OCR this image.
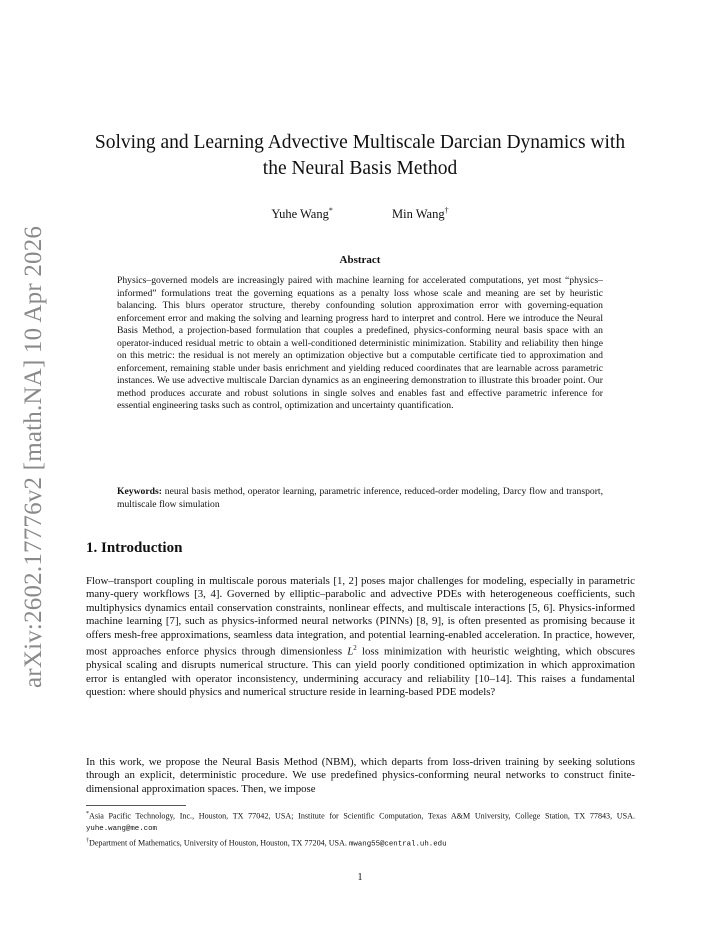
arXiv:2602.17776v2 [math.NA] 10 Apr 2026
Solving and Learning Advective Multiscale Darcian Dynamics with
the Neural Basis Method
Yuhe Wang*	Min Wang†
Abstract

Physics–governed models are increasingly paired with machine learning for accelerated computations, yet most “physics–informed” formulations treat the governing equations as a penalty loss whose scale and meaning are set by heuristic balancing. This blurs operator structure, thereby confounding solution approximation error with governing-equation enforcement error and making the solving and learning progress hard to interpret and control. Here we introduce the Neural Basis Method, a projection-based formulation that couples a predefined, physics-conforming neural basis space with an operator-induced residual metric to obtain a well-conditioned deterministic minimization. Stability and reliability then hinge on this metric: the residual is not merely an optimization objective but a computable certificate tied to approximation and enforcement, remaining stable under basis enrichment and yielding reduced coordinates that are learnable across parametric instances. We use advective multiscale Darcian dynamics as an engineering demonstration to illustrate this broader point. Our method produces accurate and robust solutions in single solves and enables fast and effective parametric inference for essential engineering tasks such as control, optimization and uncertainty quantification.

Keywords: neural basis method, operator learning, parametric inference, reduced-order modeling, Darcy flow and transport, multiscale flow simulation

1. Introduction

Flow–transport coupling in multiscale porous materials [1, 2] poses major challenges for modeling, especially in parametric many-query workflows [3, 4]. Governed by elliptic–parabolic and advective PDEs with heterogeneous coefficients, such multiphysics dynamics entail conservation constraints, nonlinear effects, and multiscale interactions [5, 6]. Physics-informed machine learning [7], such as physics-informed neural networks (PINNs) [8, 9], is often presented as promising because it offers mesh-free approximations, seamless data integration, and potential learning-enabled acceleration. In practice, however, most approaches enforce physics through dimensionless $L^2$ loss minimization with heuristic weighting, which obscures physical scaling and disrupts numerical structure. This can yield poorly conditioned optimization in which approximation error is entangled with operator inconsistency, undermining accuracy and reliability [10–14]. This raises a fundamental question: where should physics and numerical structure reside in learning-based PDE models?

In this work, we propose the Neural Basis Method (NBM), which departs from loss-driven training by seeking solutions through an explicit, deterministic procedure. We use predefined physics-conforming neural networks to construct finite-dimensional approximation spaces. Then, we impose

*Asia Pacific Technology, Inc., Houston, TX 77042, USA; Institute for Scientific Computation, Texas A&M University, College Station, TX 77843, USA. yuhe.wang@me.com

†Department of Mathematics, University of Houston, Houston, TX 77204, USA. mwang55@central.uh.edu

1
